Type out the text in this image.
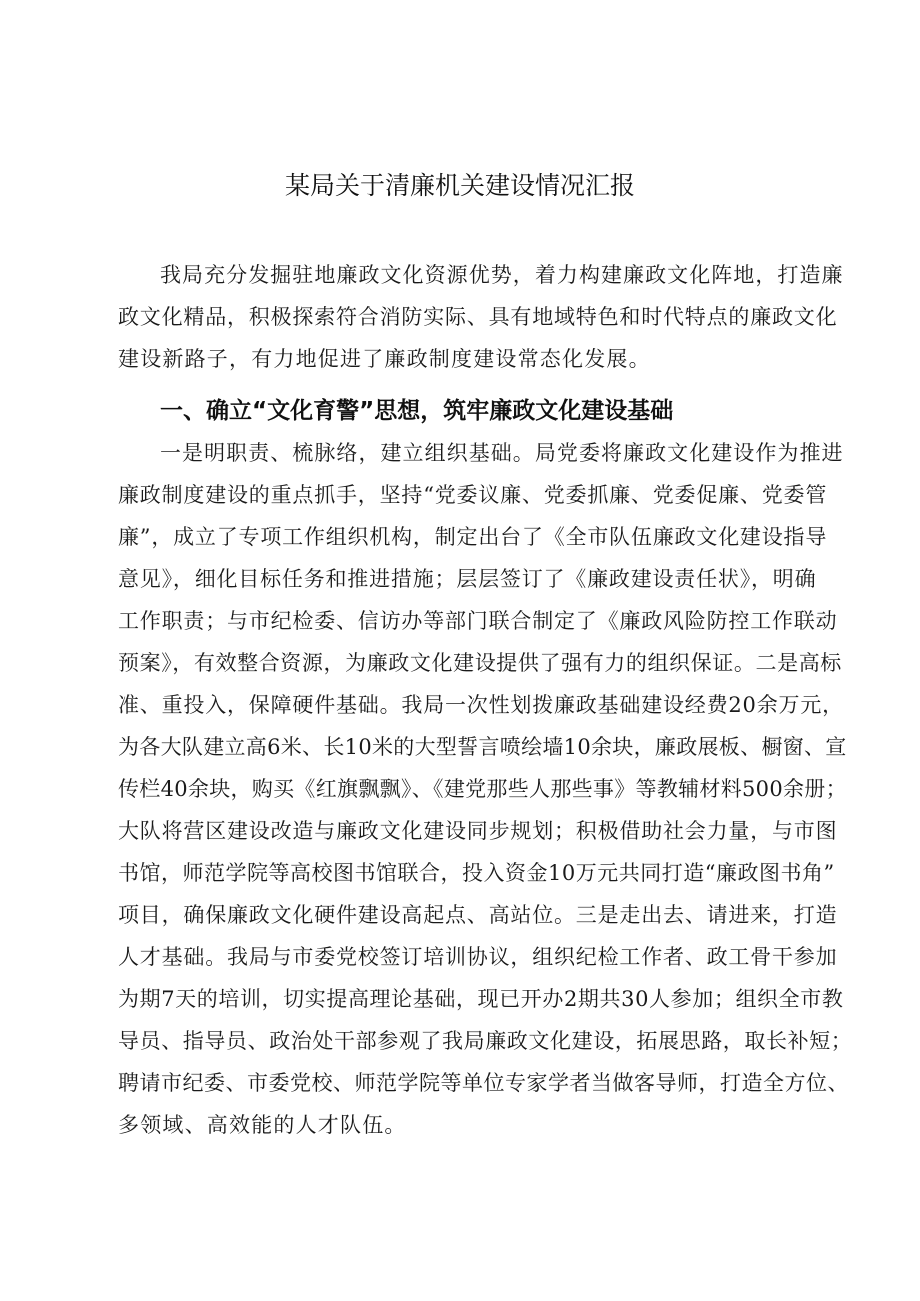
某局关于清廉机关建设情况汇报

我局充分发掘驻地廉政文化资源优势，着力构建廉政文化阵地，打造廉

政文化精品，积极探索符合消防实际、具有地域特色和时代特点的廉政文化

建设新路子，有力地促进了廉政制度建设常态化发展。

一、确立“文化育警”思想，筑牢廉政文化建设基础

一是明职责、梳脉络，建立组织基础。局党委将廉政文化建设作为推进

廉政制度建设的重点抓手，坚持“党委议廉、党委抓廉、党委促廉、党委管

廉”，成立了专项工作组织机构，制定出台了《全市队伍廉政文化建设指导

意见》，细化目标任务和推进措施；层层签订了《廉政建设责任状》，明确

工作职责；与市纪检委、信访办等部门联合制定了《廉政风险防控工作联动

预案》，有效整合资源，为廉政文化建设提供了强有力的组织保证。二是高标

准、重投入，保障硬件基础。我局一次性划拨廉政基础建设经费20余万元，

为各大队建立高6米、长10米的大型誓言喷绘墙10余块，廉政展板、橱窗、宣

传栏40余块，购买《红旗飘飘》、《建党那些人那些事》等教辅材料500余册；

大队将营区建设改造与廉政文化建设同步规划；积极借助社会力量，与市图

书馆，师范学院等高校图书馆联合，投入资金10万元共同打造“廉政图书角”

项目，确保廉政文化硬件建设高起点、高站位。三是走出去、请进来，打造

人才基础。我局与市委党校签订培训协议，组织纪检工作者、政工骨干参加

为期7天的培训，切实提高理论基础，现已开办2期共30人参加；组织全市教

导员、指导员、政治处干部参观了我局廉政文化建设，拓展思路，取长补短；

聘请市纪委、市委党校、师范学院等单位专家学者当做客导师，打造全方位、

多领域、高效能的人才队伍。
